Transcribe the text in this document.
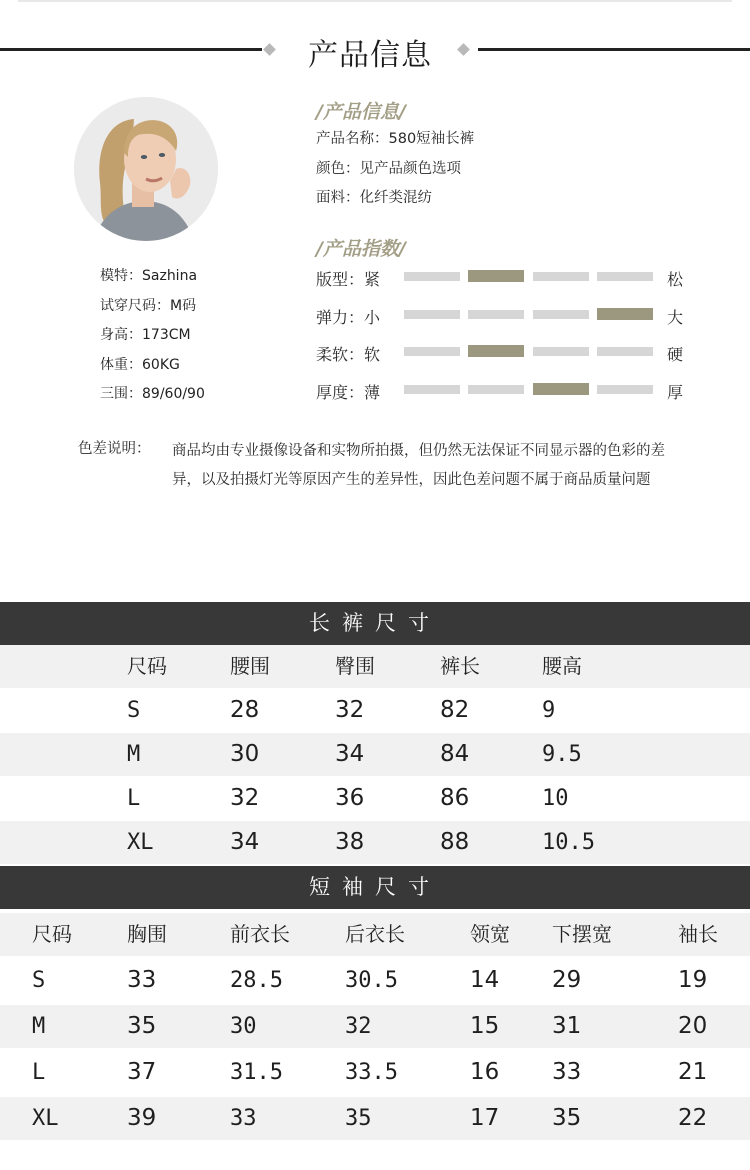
产品信息
模特：Sazhina
试穿尺码：M码
身高：173CM
体重：60KG
三围：89/60/90
/产品信息/
产品名称：580短袖长裤
颜色：见产品颜色选项
面料：化纤类混纺
/产品指数/
版型：紧	松
弹力：小	大
柔软：软	硬
厚度：薄	厚
色差说明： 商品均由专业摄像设备和实物所拍摄，但仍然无法保证不同显示器的色彩的差异，以及拍摄灯光等原因产生的差异性，因此色差问题不属于商品质量问题
长裤尺寸
尺码	腰围	臀围	裤长	腰高
S	28	32	82	9
M	30	34	84	9.5
L	32	36	86	10
XL	34	38	88	10.5
短袖尺寸
尺码	胸围	前衣长	后衣长	领宽 下摆宽	袖长
S	33	28.5	30.5	14 29	19
M	35	30	32	15 31	20
L	37	31.5	33.5	16 33	21
XL	39	33	35	17 35	22
